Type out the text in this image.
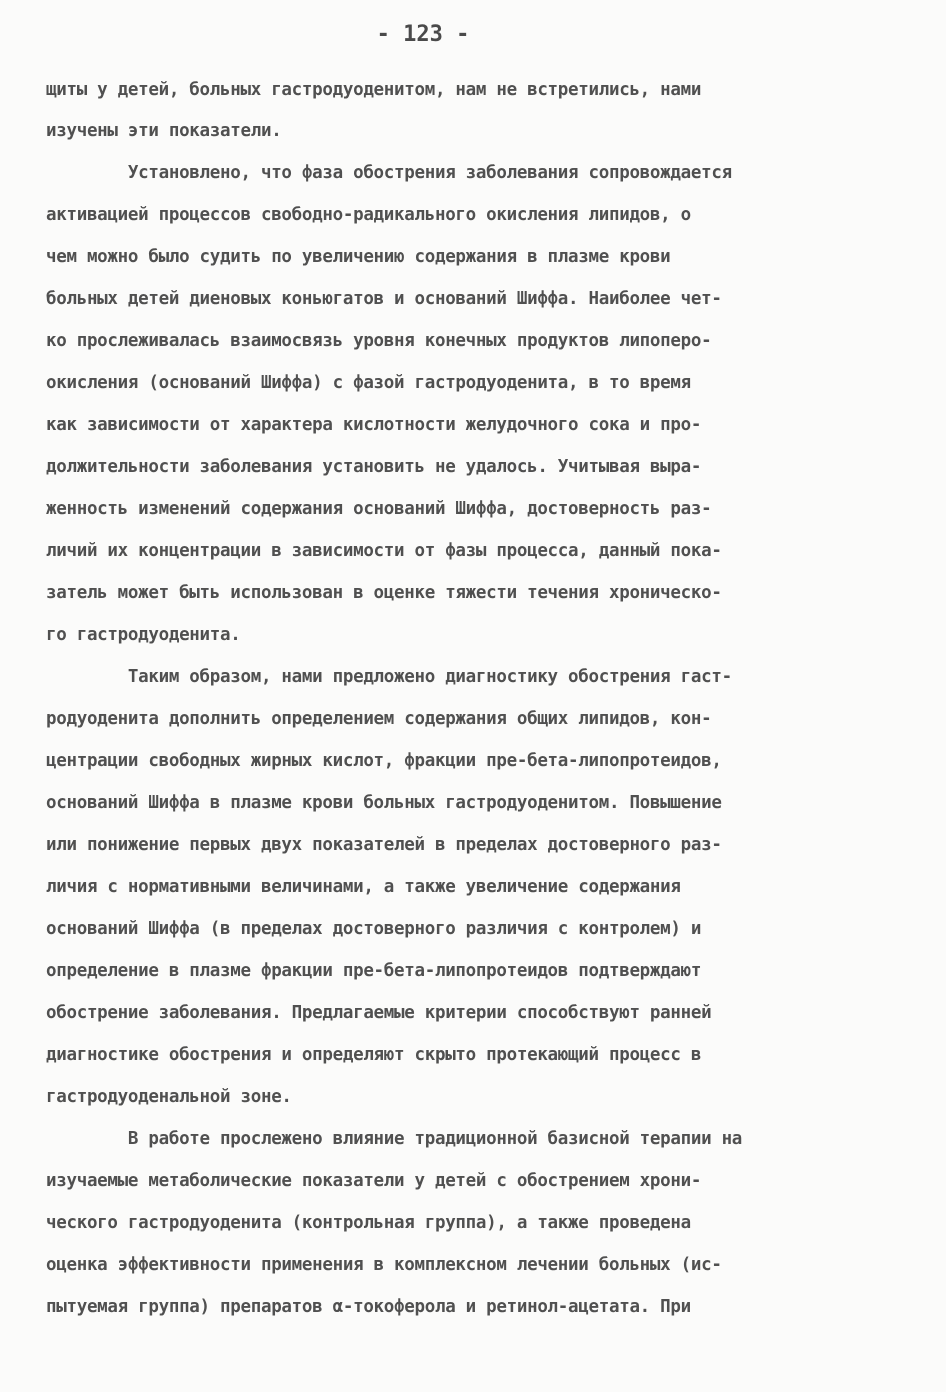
- 123 -
щиты у детей, больных гастродуоденитом, нам не встретились, нами
изучены эти показатели.
Установлено, что фаза обострения заболевания сопровождается
активацией процессов свободно-радикального окисления липидов, о
чем можно было судить по увеличению содержания в плазме крови
больных детей диеновых коньюгатов и оснований Шиффа. Наиболее чет-
ко прослеживалась взаимосвязь уровня конечных продуктов липоперо-
окисления (оснований Шиффа) с фазой гастродуоденита, в то время
как зависимости от характера кислотности желудочного сока и про-
должительности заболевания установить не удалось. Учитывая выра-
женность изменений содержания оснований Шиффа, достоверность раз-
личий их концентрации в зависимости от фазы процесса, данный пока-
затель может быть использован в оценке тяжести течения хроническо-
го гастродуоденита.
Таким образом, нами предложено диагностику обострения гаст-
родуоденита дополнить определением содержания общих липидов, кон-
центрации свободных жирных кислот, фракции пре-бета-липопротеидов,
оснований Шиффа в плазме крови больных гастродуоденитом. Повышение
или понижение первых двух показателей в пределах достоверного раз-
личия с нормативными величинами, а также увеличение содержания
оснований Шиффа (в пределах достоверного различия с контролем) и
определение в плазме фракции пре-бета-липопротеидов подтверждают
обострение заболевания. Предлагаемые критерии способствуют ранней
диагностике обострения и определяют скрыто протекающий процесс в
гастродуоденальной зоне.
В работе прослежено влияние традиционной базисной терапии на
изучаемые метаболические показатели у детей с обострением хрони-
ческого гастродуоденита (контрольная группа), а также проведена
оценка эффективности применения в комплексном лечении больных (ис-
пытуемая группа) препаратов α-токоферола и ретинол-ацетата. При
